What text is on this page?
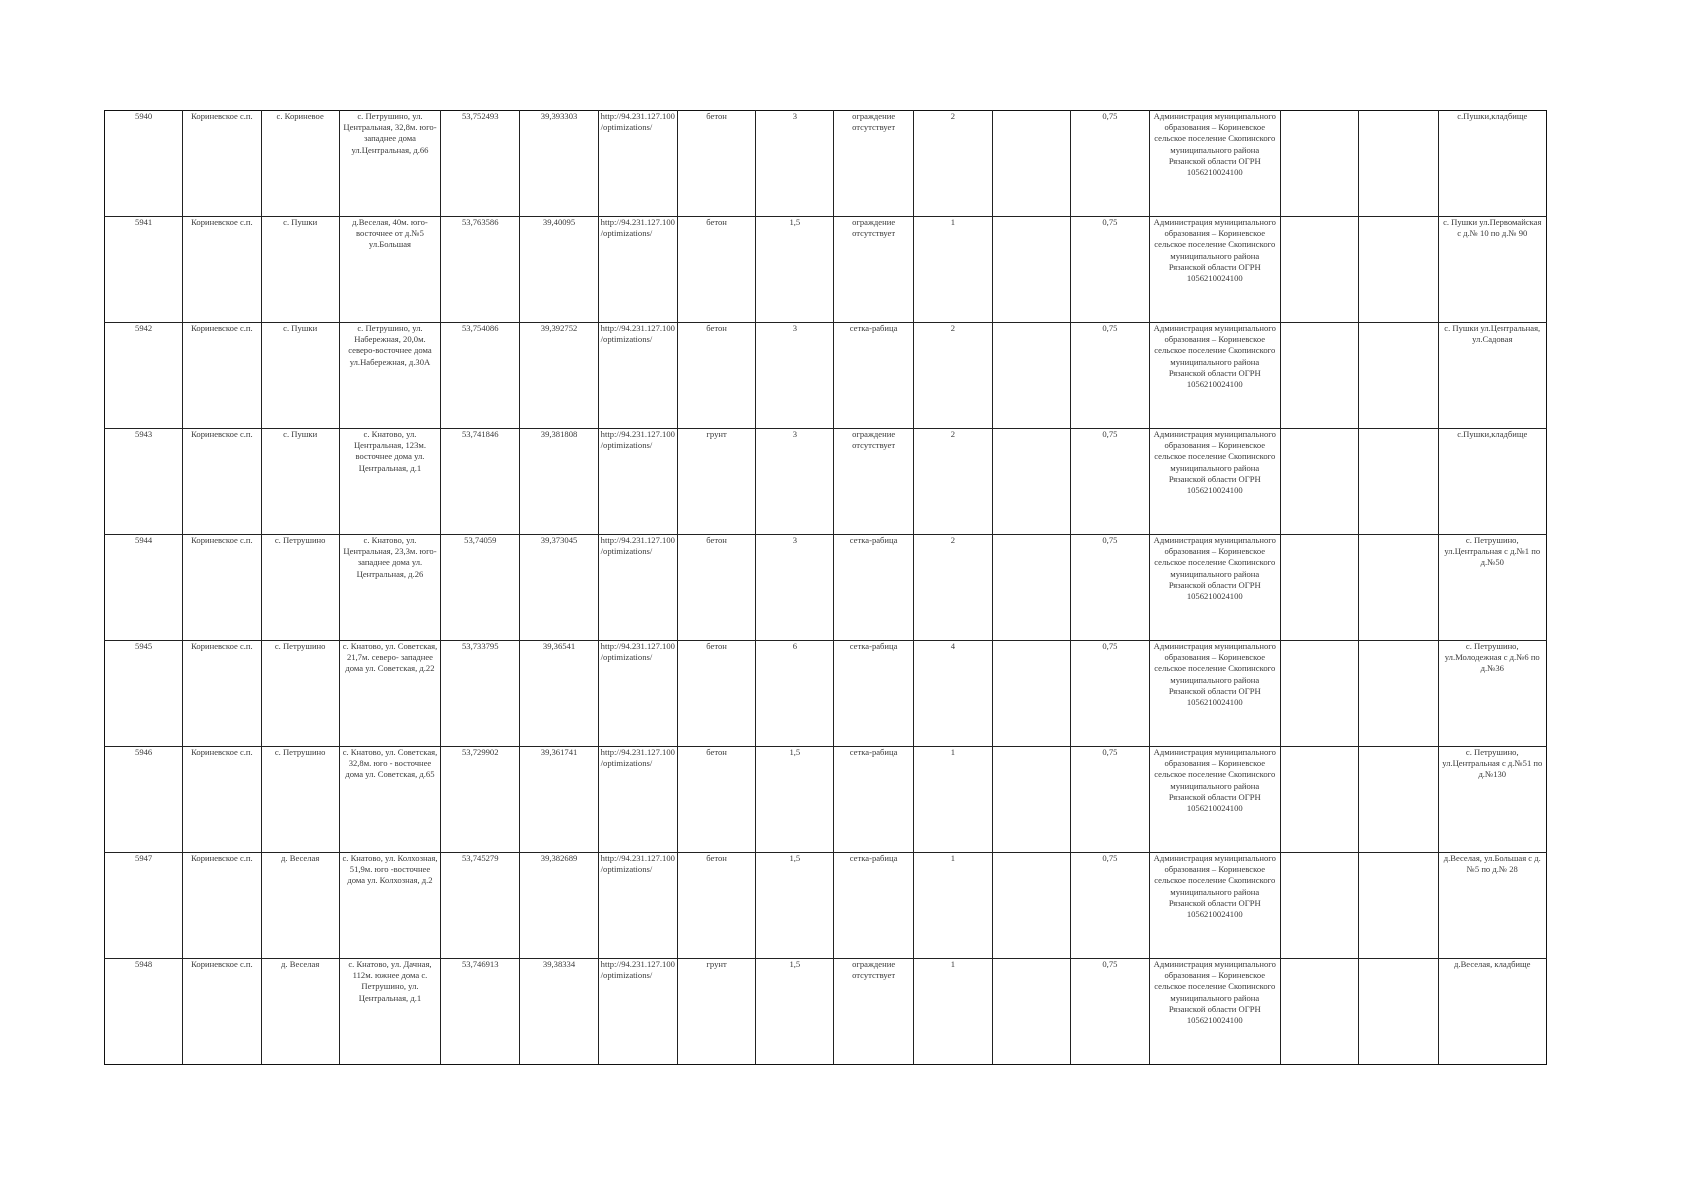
5940	Кориневское с.п.	с. Кориневое	с. Петрушино, ул. Центральная, 32,8м. юго- западнее дома ул.Центральная, д.66	53,752493	39,393303	http://94.231.127.100/optimizations/	бетон	3	ограждение отсутствует	2		0,75	Администрация муниципального образования – Кориневское сельское поселение Скопинского муниципального района Рязанской области ОГРН 1056210024100			с.Пушки,кладбище
5941	Кориневское с.п.	с. Пушки	д.Веселая, 40м. юго-восточнее от д.№5 ул.Большая	53,763586	39,40095	http://94.231.127.100/optimizations/	бетон	1,5	ограждение отсутствует	1		0,75	Администрация муниципального образования – Кориневское сельское поселение Скопинского муниципального района Рязанской области ОГРН 1056210024100			с. Пушки ул.Первомайская с д.№ 10 по д.№ 90
5942	Кориневское с.п.	с. Пушки	с. Петрушино, ул. Набережная, 20,0м. северо-восточнее дома ул.Набережная, д.30А	53,754086	39,392752	http://94.231.127.100/optimizations/	бетон	3	сетка-рабица	2		0,75	Администрация муниципального образования – Кориневское сельское поселение Скопинского муниципального района Рязанской области ОГРН 1056210024100			с. Пушки ул.Центральная, ул.Садовая
5943	Кориневское с.п.	с. Пушки	с. Кнатово, ул. Центральная, 123м. восточнее дома ул. Центральная, д.1	53,741846	39,381808	http://94.231.127.100/optimizations/	грунт	3	ограждение отсутствует	2		0,75	Администрация муниципального образования – Кориневское сельское поселение Скопинского муниципального района Рязанской области ОГРН 1056210024100			с.Пушки,кладбище
5944	Кориневское с.п.	с. Петрушино	с. Кнатово, ул. Центральная, 23,3м. юго- западнее дома ул. Центральная, д.26	53,74059	39,373045	http://94.231.127.100/optimizations/	бетон	3	сетка-рабица	2		0,75	Администрация муниципального образования – Кориневское сельское поселение Скопинского муниципального района Рязанской области ОГРН 1056210024100			с. Петрушино, ул.Центральная с д.№1 по д.№50
5945	Кориневское с.п.	с. Петрушино	с. Кнатово, ул. Советская, 21,7м. северо- западнее дома ул. Советская, д.22	53,733795	39,36541	http://94.231.127.100/optimizations/	бетон	6	сетка-рабица	4		0,75	Администрация муниципального образования – Кориневское сельское поселение Скопинского муниципального района Рязанской области ОГРН 1056210024100			с. Петрушино, ул.Молодежная с д.№6 по д.№36
5946	Кориневское с.п.	с. Петрушино	с. Кнатово, ул. Советская, 32,8м. юго - восточнее дома ул. Советская, д.65	53,729902	39,361741	http://94.231.127.100/optimizations/	бетон	1,5	сетка-рабица	1		0,75	Администрация муниципального образования – Кориневское сельское поселение Скопинского муниципального района Рязанской области ОГРН 1056210024100			с. Петрушино, ул.Центральная с д.№51 по д.№130
5947	Кориневское с.п.	д. Веселая	с. Кнатово, ул. Колхозная, 51,9м. юго -восточнее дома ул. Колхозная, д.2	53,745279	39,382689	http://94.231.127.100/optimizations/	бетон	1,5	сетка-рабица	1		0,75	Администрация муниципального образования – Кориневское сельское поселение Скопинского муниципального района Рязанской области ОГРН 1056210024100			д.Веселая, ул.Большая с д.№5 по д.№ 28
5948	Кориневское с.п.	д. Веселая	с. Кнатово, ул. Дачная, 112м. южнее дома с. Петрушино, ул. Центральная, д.1	53,746913	39,38334	http://94.231.127.100/optimizations/	грунт	1,5	ограждение отсутствует	1		0,75	Администрация муниципального образования – Кориневское сельское поселение Скопинского муниципального района Рязанской области ОГРН 1056210024100			д.Веселая, кладбище
